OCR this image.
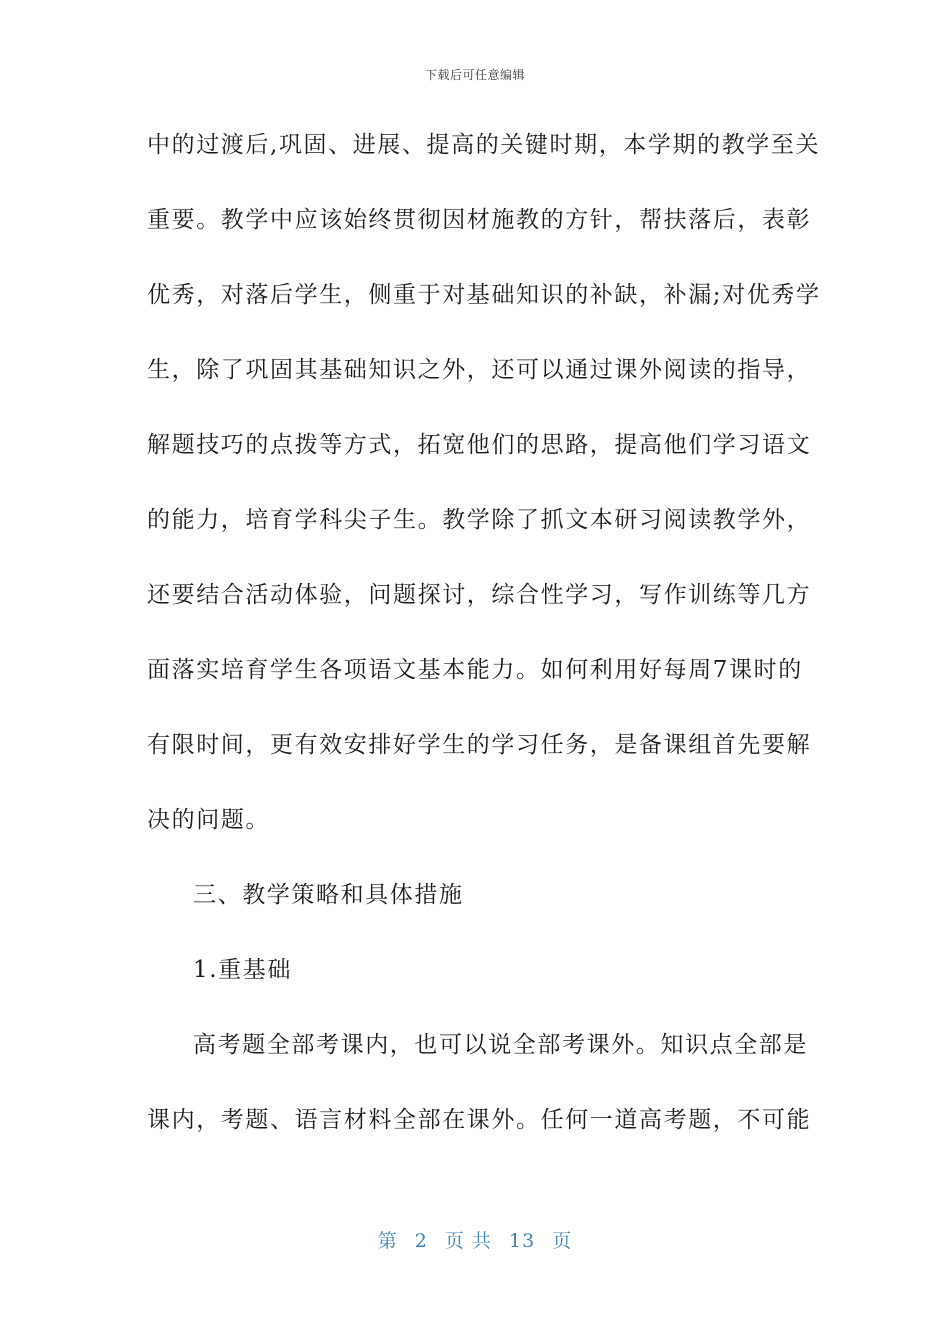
下载后可任意编辑
中的过渡后,巩固、进展、提高的关键时期，本学期的教学至关
重要。教学中应该始终贯彻因材施教的方针，帮扶落后，表彰
优秀，对落后学生，侧重于对基础知识的补缺，补漏;对优秀学
生，除了巩固其基础知识之外，还可以通过课外阅读的指导，
解题技巧的点拨等方式，拓宽他们的思路，提高他们学习语文
的能力，培育学科尖子生。教学除了抓文本研习阅读教学外，
还要结合活动体验，问题探讨，综合性学习，写作训练等几方
面落实培育学生各项语文基本能力。如何利用好每周7课时的
有限时间，更有效安排好学生的学习任务，是备课组首先要解
决的问题。
三、教学策略和具体措施
1.重基础
高考题全部考课内，也可以说全部考课外。知识点全部是
课内，考题、语言材料全部在课外。任何一道高考题，不可能
第 2 页 共 13 页
